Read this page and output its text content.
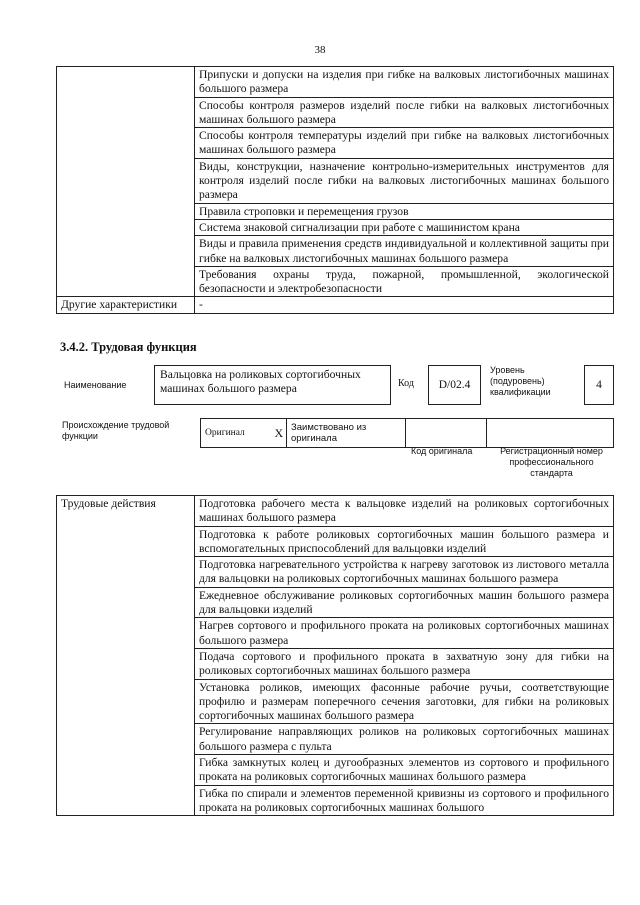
38
	Припуски и допуски на изделия при гибке на валковых листогибочных машинах большого размера
	Способы контроля размеров изделий после гибки на валковых листогибочных машинах большого размера
	Способы контроля температуры изделий при гибке на валковых листогибочных машинах большого размера
	Виды, конструкции, назначение контрольно-измерительных инструментов для контроля изделий после гибки на валковых листогибочных машинах большого размера
	Правила строповки и перемещения грузов
	Система знаковой сигнализации при работе с машинистом крана
	Виды и правила применения средств индивидуальной и коллективной защиты при гибке на валковых листогибочных машинах большого размера
	Требования охраны труда, пожарной, промышленной, экологической безопасности и электробезопасности
Другие характеристики	-
3.4.2. Трудовая функция
Наименование
Вальцовка на роликовых сортогибочных машинах большого размера	Код	D/02.4
Уровень (подуровень) квалификации
4
Происхождение трудовой функции	Оригинал	X	Заимствовано из оригинала		
Код оригинала	Регистрационный номер профессионального стандарта
Трудовые действия	Подготовка рабочего места к вальцовке изделий на роликовых сортогибочных машинах большого размера
Подготовка к работе роликовых сортогибочных машин большого размера и вспомогательных приспособлений для вальцовки изделий
Подготовка нагревательного устройства к нагреву заготовок из листового металла для вальцовки на роликовых сортогибочных машинах большого размера
Ежедневное обслуживание роликовых сортогибочных машин большого размера для вальцовки изделий
Нагрев сортового и профильного проката на роликовых сортогибочных машинах большого размера
Подача сортового и профильного проката в захватную зону для гибки на роликовых сортогибочных машинах большого размера
Установка роликов, имеющих фасонные рабочие ручьи, соответствующие профилю и размерам поперечного сечения заготовки, для гибки на роликовых сортогибочных машинах большого размера
Регулирование направляющих роликов на роликовых сортогибочных машинах большого размера с пульта
Гибка замкнутых колец и дугообразных элементов из сортового и профильного проката на роликовых сортогибочных машинах большого размера
Гибка по спирали и элементов переменной кривизны из сортового и профильного проката на роликовых сортогибочных машинах большого
